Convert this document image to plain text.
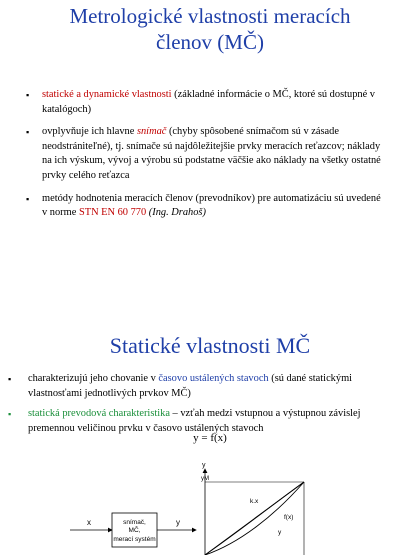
Metrologické vlastnosti meracích
členov (MČ)
▪ statické a dynamické vlastnosti (základné informácie o MČ, ktoré sú dostupné v katalógoch)
▪ ovplyvňuje ich hlavne snímač (chyby spôsobené snímačom sú v zásade neodstrániteľné), tj. snímače sú najdôležitejšie prvky meracích reťazcov; náklady na ich výskum, vývoj a výrobu sú podstatne väčšie ako náklady na všetky ostatné prvky celého reťazca
▪ metódy hodnotenia meracích členov (prevodníkov) pre automatizáciu sú uvedené v norme STN EN 60 770 (Ing. Drahoš)
Statické vlastnosti MČ
▪ charakterizujú jeho chovanie v časovo ustálených stavoch (sú dané statickými vlastnosťami jednotlivých prvkov MČ)
▪ statická prevodová charakteristika – vzťah medzi vstupnou a výstupnou závislej premennou veličinou prvku v časovo ustálených stavoch
y = f(x)
x	snímač,
MČ,
merací systém
y
y
yM
k.x
f(x)
y
